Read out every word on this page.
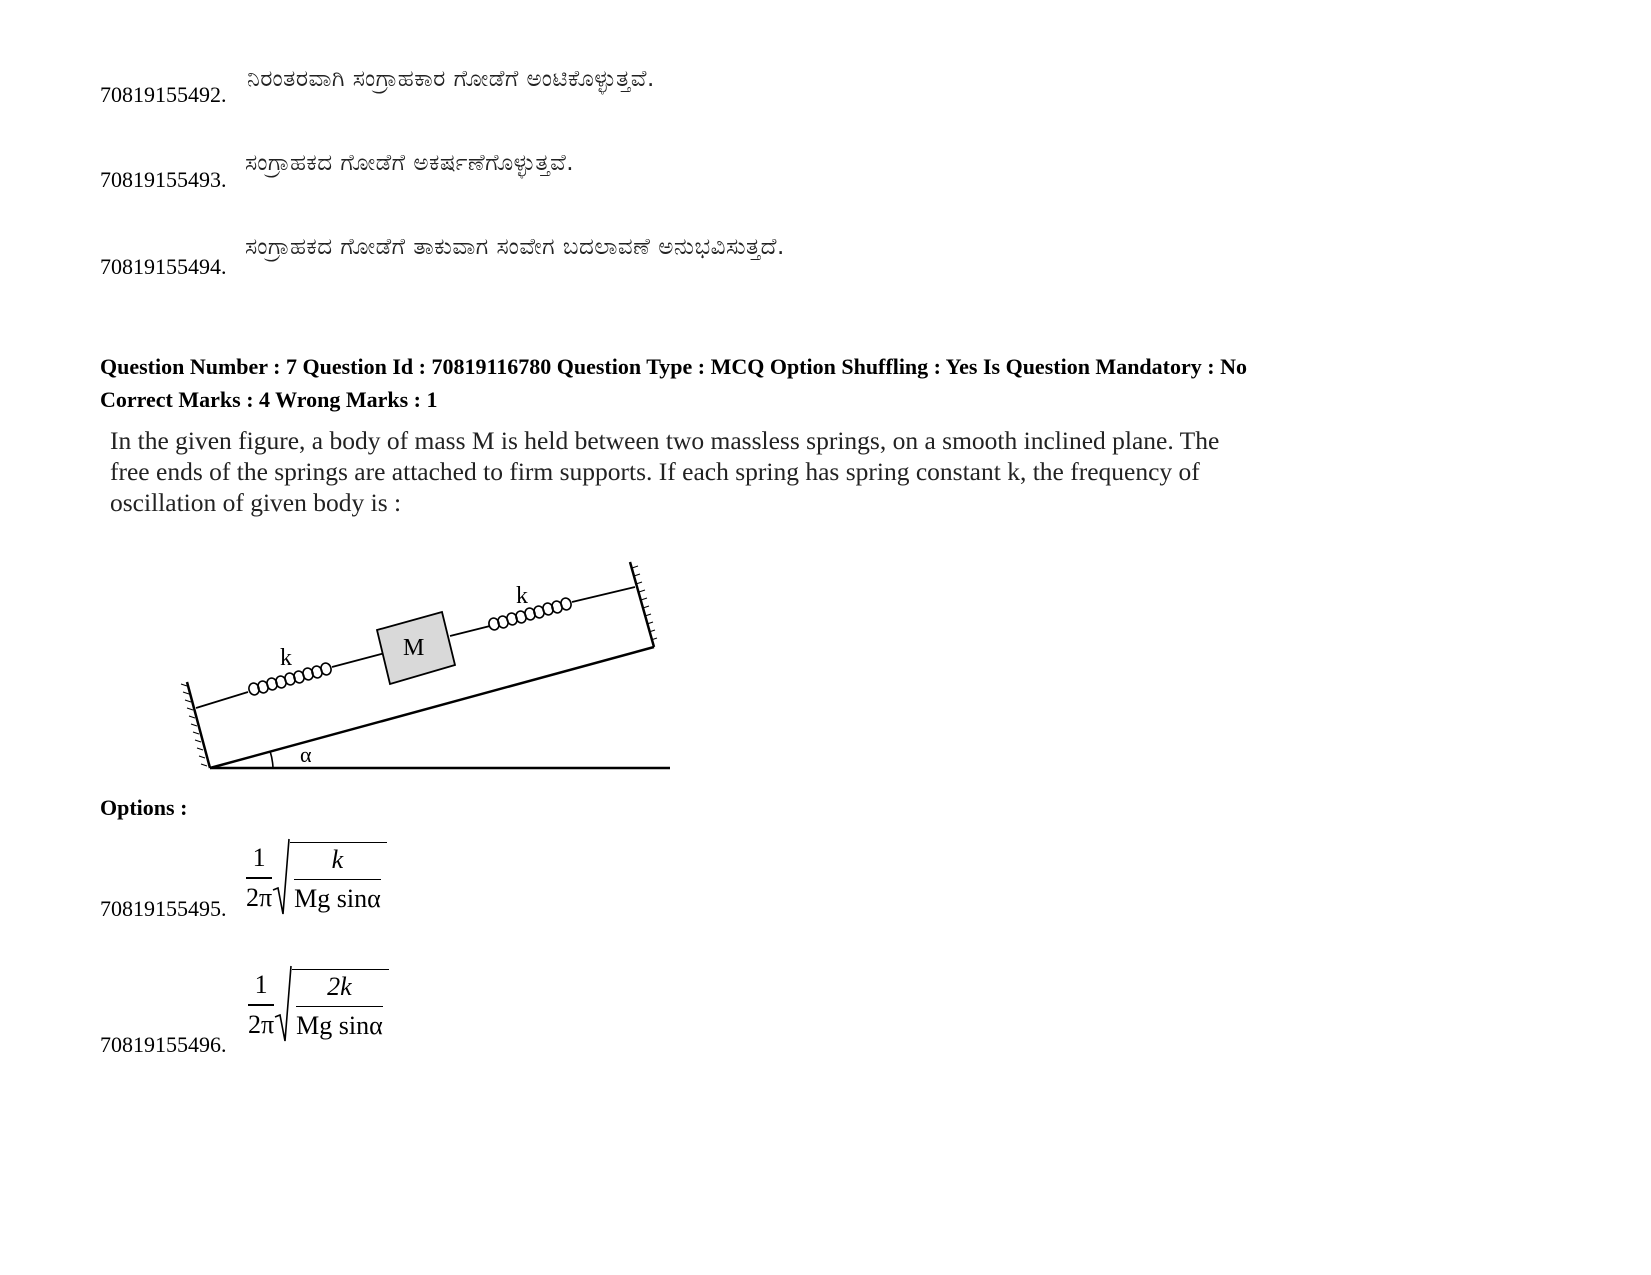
70819155492.
ನಿರಂತರವಾಗಿ ಸಂಗ್ರಾಹಕಾರ ಗೋಡೆಗೆ ಅಂಟಿಕೊಳ್ಳುತ್ತವೆ.
70819155493.
ಸಂಗ್ರಾಹಕದ ಗೋಡೆಗೆ ಅಕರ್ಷಣೆಗೊಳ್ಳುತ್ತವೆ.
70819155494.
ಸಂಗ್ರಾಹಕದ ಗೋಡೆಗೆ ತಾಕುವಾಗ ಸಂವೇಗ ಬದಲಾವಣೆ ಅನುಭವಿಸುತ್ತದೆ.
Question Number : 7 Question Id : 70819116780 Question Type : MCQ Option Shuffling : Yes Is Question Mandatory : No
Correct Marks : 4 Wrong Marks : 1
In the given figure, a body of mass M is held between two massless springs, on a smooth inclined plane. The free ends of the springs are attached to firm supports. If each spring has spring constant k, the frequency of oscillation of given body is :
k
k
M
α
Options :
70819155495.
1
2π
k
Mg sinα
70819155496.
1
2π
2k
Mg sinα
